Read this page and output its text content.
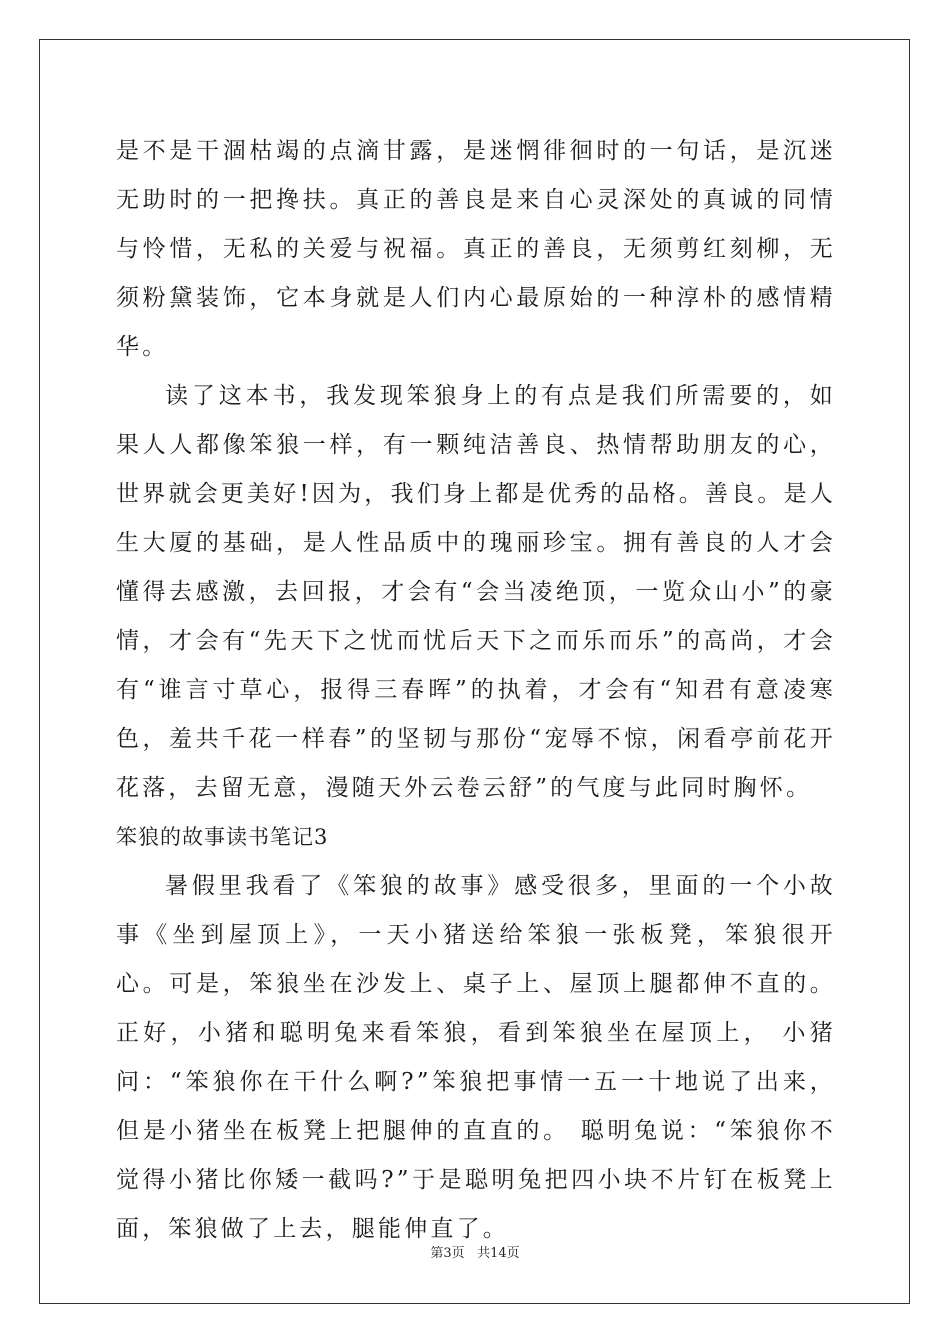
是不是干涸枯竭的点滴甘露，是迷惘徘徊时的一句话，是沉迷无助时的一把搀扶。真正的善良是来自心灵深处的真诚的同情与怜惜，无私的关爱与祝福。真正的善良，无须剪红刻柳，无须粉黛装饰，它本身就是人们内心最原始的一种淳朴的感情精华。

读了这本书，我发现笨狼身上的有点是我们所需要的，如果人人都像笨狼一样，有一颗纯洁善良、热情帮助朋友的心，世界就会更美好!因为，我们身上都是优秀的品格。善良。是人生大厦的基础，是人性品质中的瑰丽珍宝。拥有善良的人才会懂得去感激，去回报，才会有“会当凌绝顶，一览众山小”的豪情，才会有“先天下之忧而忧后天下之而乐而乐”的高尚，才会有“谁言寸草心，报得三春晖”的执着，才会有“知君有意凌寒色，羞共千花一样春”的坚韧与那份“宠辱不惊，闲看亭前花开花落，去留无意，漫随天外云卷云舒”的气度与此同时胸怀。

笨狼的故事读书笔记3

暑假里我看了《笨狼的故事》感受很多，里面的一个小故事《坐到屋顶上》，一天小猪送给笨狼一张板凳，笨狼很开心。可是，笨狼坐在沙发上、桌子上、屋顶上腿都伸不直的。正好，小猪和聪明兔来看笨狼，看到笨狼坐在屋顶上， 小猪问：“笨狼你在干什么啊?”笨狼把事情一五一十地说了出来，但是小猪坐在板凳上把腿伸的直直的。 聪明兔说：“笨狼你不觉得小猪比你矮一截吗?”于是聪明兔把四小块不片钉在板凳上面，笨狼做了上去，腿能伸直了。

第3页 共14页
